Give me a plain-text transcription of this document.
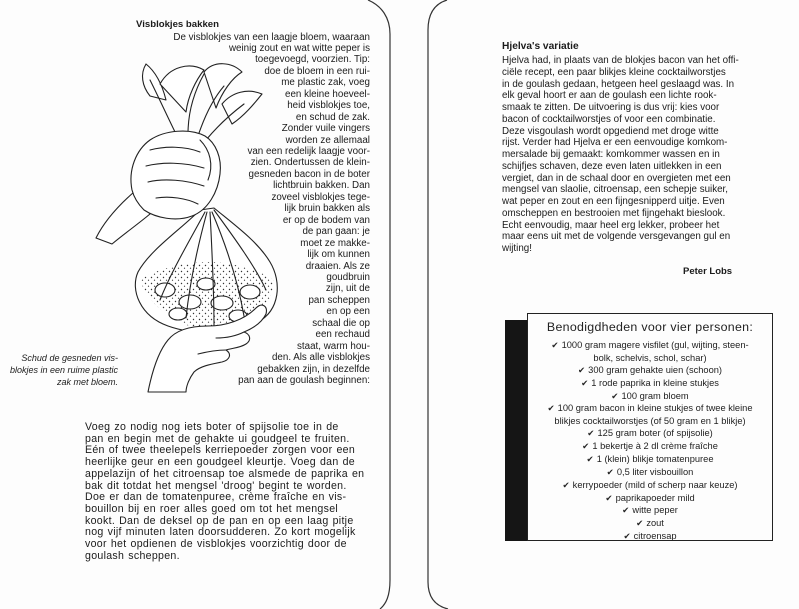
Visblokjes bakken
De visblokjes van een laagje bloem, waaraan
weinig zout en wat witte peper is
toegevoegd, voorzien. Tip:
doe de bloem in een rui-
me plastic zak, voeg
een kleine hoeveel-
heid visblokjes toe,
en schud de zak.
Zonder vuile vingers
worden ze allemaal
van een redelijk laagje voor-
zien. Ondertussen de klein-
gesneden bacon in de boter
lichtbruin bakken. Dan
zoveel visblokjes tege-
lijk bruin bakken als
er op de bodem van
de pan gaan: je
moet ze makke-
lijk om kunnen
draaien. Als ze
goudbruin
zijn, uit de
pan scheppen
en op een
schaal die op
een rechaud
staat, warm hou-
den. Als alle visblokjes
gebakken zijn, in dezelfde
pan aan de goulash beginnen:
Schud de gesneden vis-
blokjes in een ruime plastic
zak met bloem.
Voeg zo nodig nog iets boter of spijsolie toe in de
pan en begin met de gehakte ui goudgeel te fruiten.
Eén of twee theelepels kerriepoeder zorgen voor een
heerlijke geur en een goudgeel kleurtje. Voeg dan de
appelazijn of het citroensap toe alsmede de paprika en
bak dit totdat het mengsel 'droog' begint te worden.
Doe er dan de tomatenpuree, crème fraîche en vis-
bouillon bij en roer alles goed om tot het mengsel
kookt. Dan de deksel op de pan en op een laag pitje
nog vijf minuten laten doorsudderen. Zo kort mogelijk
voor het opdienen de visblokjes voorzichtig door de
goulash scheppen.
Hjelva's variatie
Hjelva had, in plaats van de blokjes bacon van het offi-
ciële recept, een paar blikjes kleine cocktailworstjes
in de goulash gedaan, hetgeen heel geslaagd was. In
elk geval hoort er aan de goulash een lichte rook-
smaak te zitten. De uitvoering is dus vrij: kies voor
bacon of cocktailworstjes of voor een combinatie.
Deze visgoulash wordt opgediend met droge witte
rijst. Verder had Hjelva er een eenvoudige komkom-
mersalade bij gemaakt: komkommer wassen en in
schijfjes schaven, deze even laten uitlekken in een
vergiet, dan in de schaal door en overgieten met een
mengsel van slaolie, citroensap, een schepje suiker,
wat peper en zout en een fijngesnipperd uitje. Even
omscheppen en bestrooien met fijngehakt bieslook.
Echt eenvoudig, maar heel erg lekker, probeer het
maar eens uit met de volgende versgevangen gul en
wijting!
Peter Lobs
Benodigdheden voor vier personen:
✔ 1000 gram magere visfilet (gul, wijting, steen-
bolk, schelvis, schol, schar)
✔ 300 gram gehakte uien (schoon)
✔ 1 rode paprika in kleine stukjes
✔ 100 gram bloem
✔ 100 gram bacon in kleine stukjes of twee kleine
blikjes cocktailworstjes (of 50 gram en 1 blikje)
✔ 125 gram boter (of spijsolie)
✔ 1 bekertje à 2 dl crème fraîche
✔ 1 (klein) blikje tomatenpuree
✔ 0,5 liter visbouillon
✔ kerrypoeder (mild of scherp naar keuze)
✔ paprikapoeder mild
✔ witte peper
✔ zout
✔ citroensap
